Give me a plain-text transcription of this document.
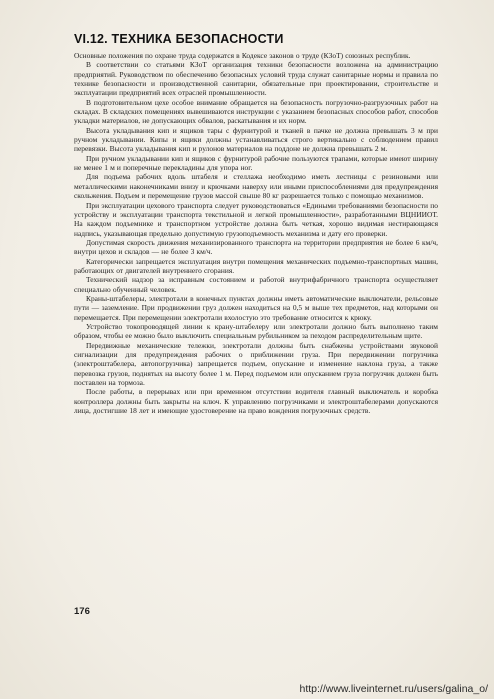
VI.12. ТЕХНИКА БЕЗОПАСНОСТИ

Основные положения по охране труда содержатся в Кодексе законов о труде (КЗоТ) союзных республик.

В соответствии со статьями КЗоТ организация техники безопасности возложена на администрацию предприятий. Руководством по обеспечению безопасных условий труда служат санитарные нормы и правила по технике безопасности и производственной санитарии, обязательные при проектировании, строительстве и эксплуатации предприятий всех отраслей промышленности.

В подготовительном цехе особое внимание обращается на безопасность погрузочно-разгрузочных работ на складах. В складских помещениях вывешиваются инструкции с указанием безопасных способов работ, способов укладки материалов, не допускающих обвалов, раскатывания и их норм.

Высота укладывания кип и ящиков тары с фурнитурой и тканей в пачке не должна превышать 3 м при ручном укладывании. Кипы и ящики должны устанавливаться строго вертикально с соблюдением правил перевязки. Высота укладывания кип и рулонов материалов на поддоне не должна превышать 2 м.

При ручном укладывании кип и ящиков с фурнитурой рабочие пользуются трапами, которые имеют ширину не менее 1 м и поперечные перекладины для упора ног.

Для подъема рабочих вдоль штабеля и стеллажа необходимо иметь лестницы с резиновыми или металлическими наконечниками внизу и крючками наверху или иными приспособлениями для предупреждения скольжения. Подъем и перемещение грузов массой свыше 80 кг разрешается только с помощью механизмов.

При эксплуатации цехового транспорта следует руководствоваться «Едиными требованиями безопасности по устройству и эксплуатации транспорта текстильной и легкой промышленности», разработанными ВЦНИИОТ. На каждом подъемнике и транспортном устройстве должна быть четкая, хорошо видимая нестирающаяся надпись, указывающая предельно допустимую грузоподъемность механизма и дату его проверки.

Допустимая скорость движения механизированного транспорта на территории предприятия не более 6 км/ч, внутри цехов и складов — не более 3 км/ч.

Категорически запрещается эксплуатация внутри помещения механических подъемно-транспортных машин, работающих от двигателей внутреннего сгорания.

Технический надзор за исправным состоянием и работой внутрифабричного транспорта осуществляет специально обученный человек.

Краны-штабелеры, электротали в конечных пунктах должны иметь автоматические выключатели, рельсовые пути — заземление. При продвижении груз должен находиться на 0,5 м выше тех предметов, над которыми он перемещается. При перемещении электротали вхолостую это требование относится к крюку.

Устройство токопроводящей линии к крану-штабелеру или электротали должно быть выполнено таким образом, чтобы ее можно было выключить специальным рубильником за пеходом распределительным щите.

Передвижные механические тележки, электротали должны быть снабжены устройствами звуковой сигнализации для предупреждения рабочих о приближении груза. При передвижении погрузчика (электроштабелера, автопогрузчика) запрещается подъем, опускание и изменение наклона груза, а также перевозка грузов, поднятых на высоту более 1 м. Перед подъемом или опусканием груза погрузчик должен быть поставлен на тормоза.

После работы, в перерывах или при временном отсутствии водителя главный выключатель и коробка контроллера должны быть закрыты на ключ. К управлению погрузчиками и электроштабелерами допускаются лица, достигшие 18 лет и имеющие удостоверение на право вождения погрузочных средств.

176
http://www.liveinternet.ru/users/galina_o/
